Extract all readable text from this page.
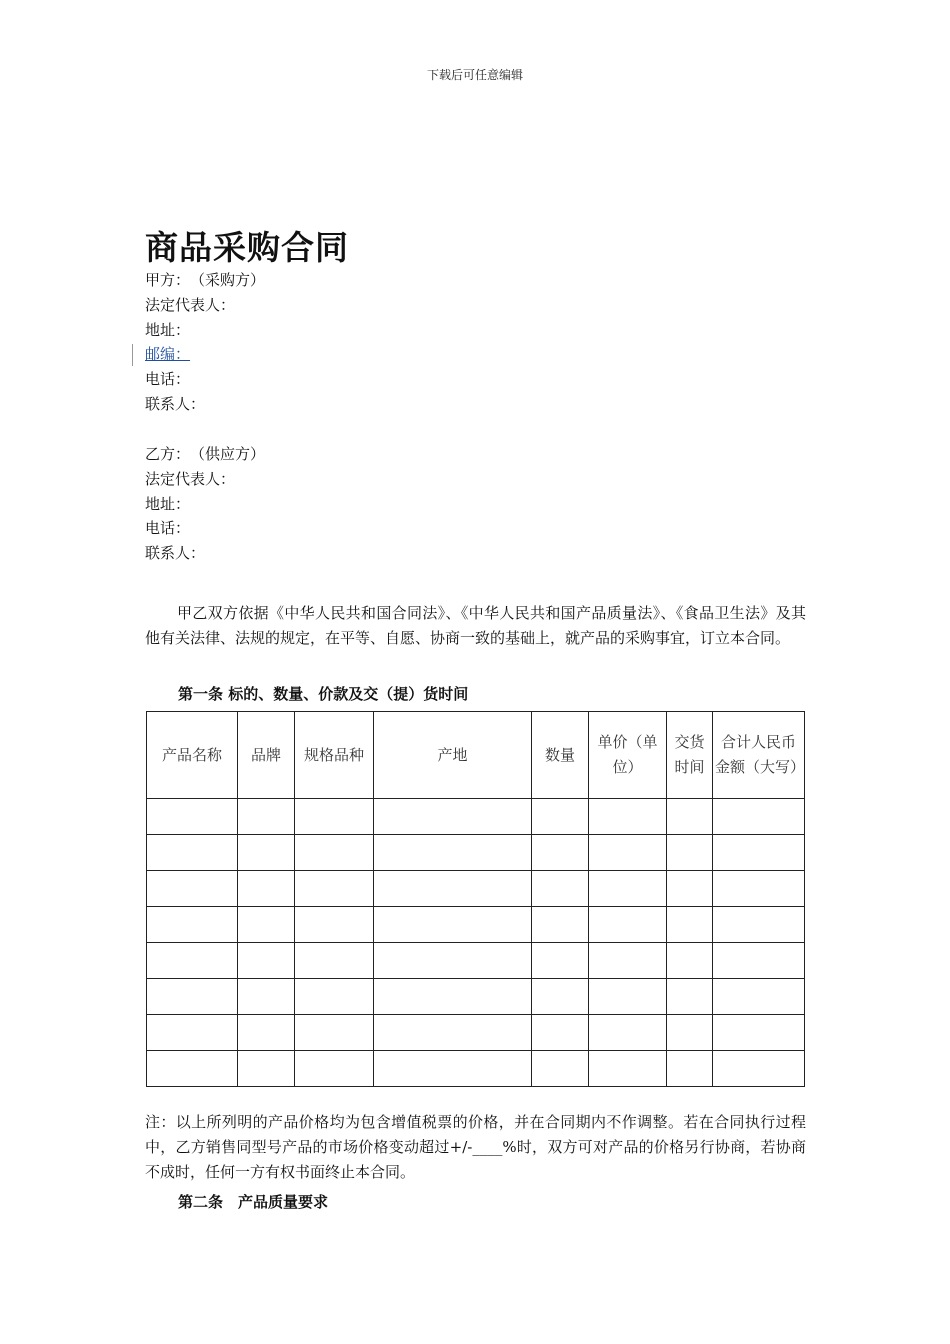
下载后可任意编辑
商品采购合同
甲方：　（采购方）
法定代表人：
地址：
邮编：
电话：
联系人：
乙方：　（供应方）
法定代表人：
地址：
电话：
联系人：

甲乙双方依据《中华人民共和国合同法》、《中华人民共和国产品质量法》、《食品卫生法》及其他有关法律、法规的规定，在平等、自愿、协商一致的基础上，就产品的采购事宜，订立本合同。

第一条 标的、数量、价款及交（提）货时间
产品名称	品牌	规格品种	产地	数量	单价（单位）	交货时间	合计人民币金额（大写）

注：以上所列明的产品价格均为包含增值税票的价格，并在合同期内不作调整。若在合同执行过程中，乙方销售同型号产品的市场价格变动超过+/-____%时，双方可对产品的价格另行协商，若协商不成时，任何一方有权书面终止本合同。

第二条　产品质量要求
